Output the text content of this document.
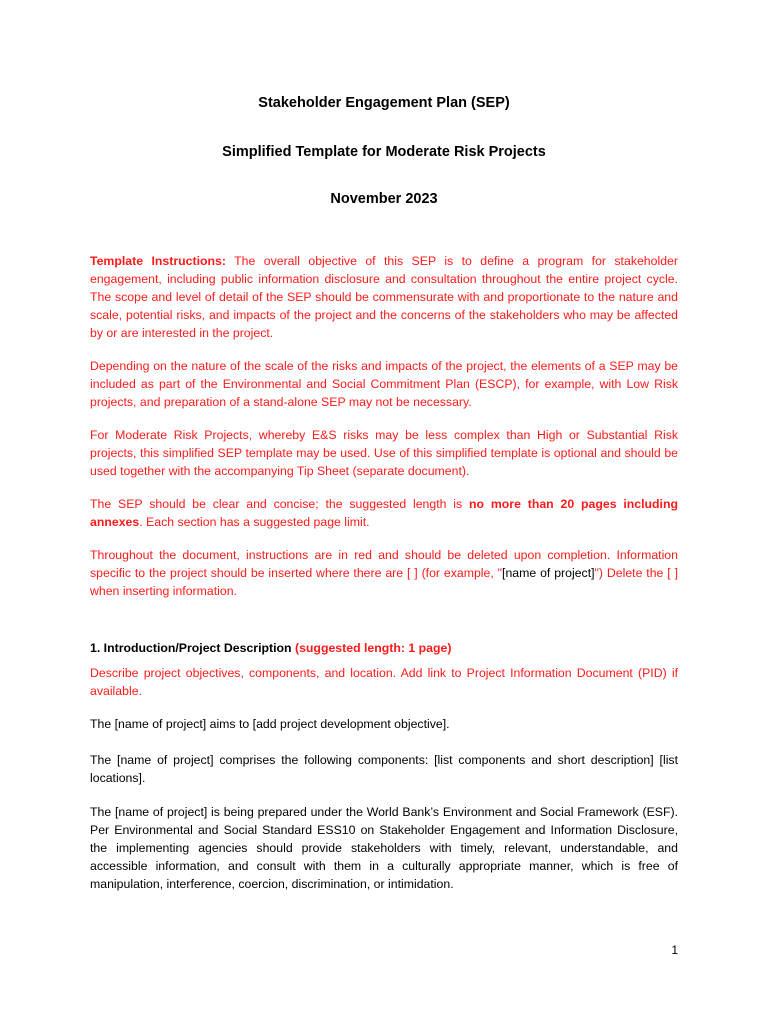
Stakeholder Engagement Plan (SEP)
Simplified Template for Moderate Risk Projects
November 2023

Template Instructions: The overall objective of this SEP is to define a program for stakeholder engagement, including public information disclosure and consultation throughout the entire project cycle. The scope and level of detail of the SEP should be commensurate with and proportionate to the nature and scale, potential risks, and impacts of the project and the concerns of the stakeholders who may be affected by or are interested in the project.

Depending on the nature of the scale of the risks and impacts of the project, the elements of a SEP may be included as part of the Environmental and Social Commitment Plan (ESCP), for example, with Low Risk projects, and preparation of a stand-alone SEP may not be necessary.

For Moderate Risk Projects, whereby E&S risks may be less complex than High or Substantial Risk projects, this simplified SEP template may be used. Use of this simplified template is optional and should be used together with the accompanying Tip Sheet (separate document).

The SEP should be clear and concise; the suggested length is no more than 20 pages including annexes. Each section has a suggested page limit.

Throughout the document, instructions are in red and should be deleted upon completion. Information specific to the project should be inserted where there are [ ] (for example, "[name of project]") Delete the [ ] when inserting information.

1. Introduction/Project Description (suggested length: 1 page)

Describe project objectives, components, and location. Add link to Project Information Document (PID) if available.

The [name of project] aims to [add project development objective].

The [name of project] comprises the following components: [list components and short description] [list locations].

The [name of project] is being prepared under the World Bank’s Environment and Social Framework (ESF). Per Environmental and Social Standard ESS10 on Stakeholder Engagement and Information Disclosure, the implementing agencies should provide stakeholders with timely, relevant, understandable, and accessible information, and consult with them in a culturally appropriate manner, which is free of manipulation, interference, coercion, discrimination, or intimidation.

1
